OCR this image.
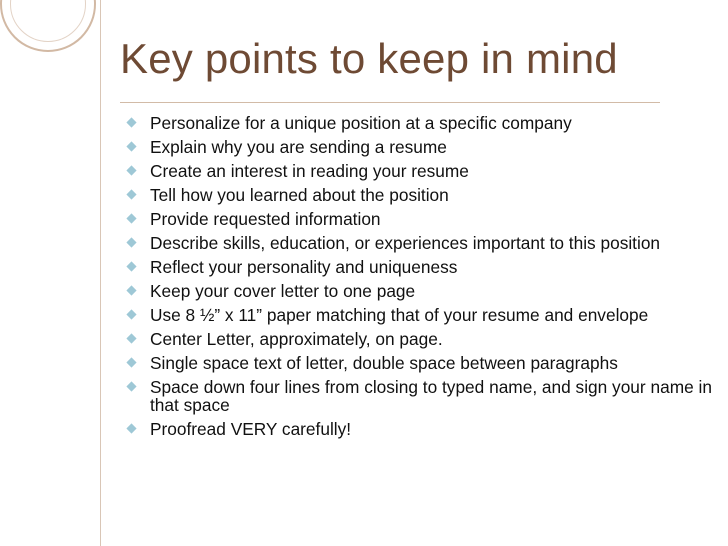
Key points to keep in mind
Personalize for a unique position at a specific company
Explain why you are sending a resume
Create an interest in reading your resume
Tell how you learned about the position
Provide requested information
Describe skills, education, or experiences important to this position
Reflect your personality and uniqueness
Keep your cover letter to one page
Use 8 ½” x 11” paper matching that of your resume and envelope
Center Letter, approximately, on page.
Single space text of letter, double space between paragraphs
Space down four lines from closing to typed name, and sign your name in that space
Proofread VERY carefully!
